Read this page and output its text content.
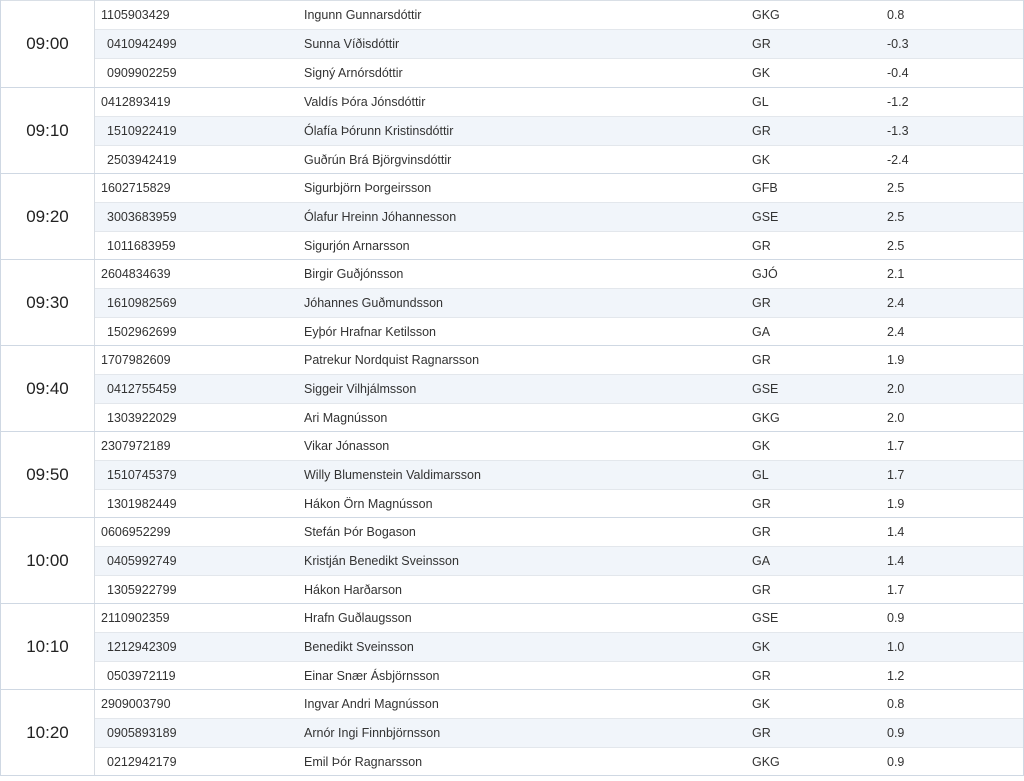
09:00
1105903429	Ingunn Gunnarsdóttir	GKG	0.8
0410942499	Sunna Víðisdóttir	GR	-0.3
0909902259	Signý Arnórsdóttir	GK	-0.4
09:10
0412893419	Valdís Þóra Jónsdóttir	GL	-1.2
1510922419	Ólafía Þórunn Kristinsdóttir	GR	-1.3
2503942419	Guðrún Brá Björgvinsdóttir	GK	-2.4
09:20
1602715829	Sigurbjörn Þorgeirsson	GFB	2.5
3003683959	Ólafur Hreinn Jóhannesson	GSE	2.5
1011683959	Sigurjón Arnarsson	GR	2.5
09:30
2604834639	Birgir Guðjónsson	GJÓ	2.1
1610982569	Jóhannes Guðmundsson	GR	2.4
1502962699	Eyþór Hrafnar Ketilsson	GA	2.4
09:40
1707982609	Patrekur Nordquist Ragnarsson	GR	1.9
0412755459	Siggeir Vilhjálmsson	GSE	2.0
1303922029	Ari Magnússon	GKG	2.0
09:50
2307972189	Vikar Jónasson	GK	1.7
1510745379	Willy Blumenstein Valdimarsson	GL	1.7
1301982449	Hákon Örn Magnússon	GR	1.9
10:00
0606952299	Stefán Þór Bogason	GR	1.4
0405992749	Kristján Benedikt Sveinsson	GA	1.4
1305922799	Hákon Harðarson	GR	1.7
10:10
2110902359	Hrafn Guðlaugsson	GSE	0.9
1212942309	Benedikt Sveinsson	GK	1.0
0503972119	Einar Snær Ásbjörnsson	GR	1.2
10:20
2909003790	Ingvar Andri Magnússon	GK	0.8
0905893189	Arnór Ingi Finnbjörnsson	GR	0.9
0212942179	Emil Þór Ragnarsson	GKG	0.9
